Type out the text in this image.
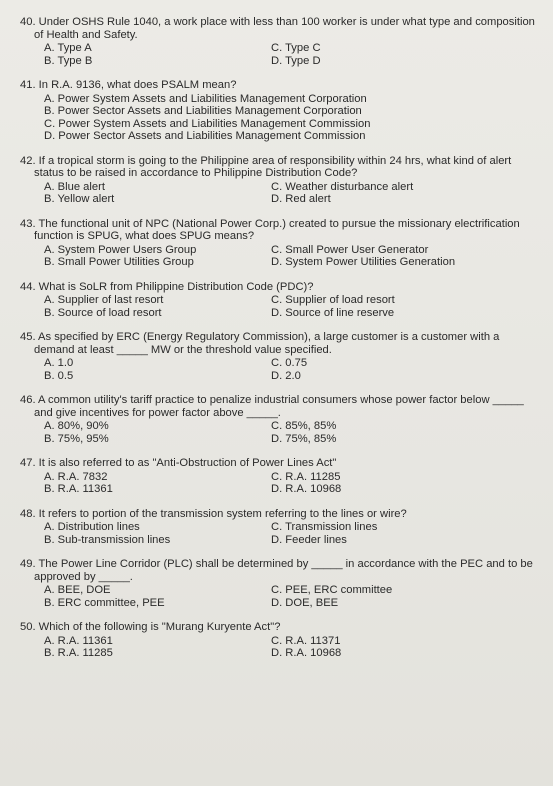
40. Under OSHS Rule 1040, a work place with less than 100 worker is under what type and composition of Health and Safety.
A. Type A	C. Type C
B. Type B	D. Type D
41. In R.A. 9136, what does PSALM mean?
A. Power System Assets and Liabilities Management Corporation
B. Power Sector Assets and Liabilities Management Corporation
C. Power System Assets and Liabilities Management Commission
D. Power Sector Assets and Liabilities Management Commission
42. If a tropical storm is going to the Philippine area of responsibility within 24 hrs, what kind of alert status to be raised in accordance to Philippine Distribution Code?
A. Blue alert	C. Weather disturbance alert
B. Yellow alert	D. Red alert
43. The functional unit of NPC (National Power Corp.) created to pursue the missionary electrification function is SPUG, what does SPUG means?
A. System Power Users Group	C. Small Power User Generator
B. Small Power Utilities Group	D. System Power Utilities Generation
44. What is SoLR from Philippine Distribution Code (PDC)?
A. Supplier of last resort	C. Supplier of load resort
B. Source of load resort	D. Source of line reserve
45. As specified by ERC (Energy Regulatory Commission), a large customer is a customer with a demand at least _____ MW or the threshold value specified.
A. 1.0	C. 0.75
B. 0.5	D. 2.0
46. A common utility's tariff practice to penalize industrial consumers whose power factor below _____ and give incentives for power factor above _____.
A. 80%, 90%	C. 85%, 85%
B. 75%, 95%	D. 75%, 85%
47. It is also referred to as "Anti-Obstruction of Power Lines Act"
A. R.A. 7832	C. R.A. 11285
B. R.A. 11361	D. R.A. 10968
48. It refers to portion of the transmission system referring to the lines or wire?
A. Distribution lines	C. Transmission lines
B. Sub-transmission lines	D. Feeder lines
49. The Power Line Corridor (PLC) shall be determined by _____ in accordance with the PEC and to be approved by _____.
A. BEE, DOE	C. PEE, ERC committee
B. ERC committee, PEE	D. DOE, BEE
50. Which of the following is "Murang Kuryente Act"?
A. R.A. 11361	C. R.A. 11371
B. R.A. 11285	D. R.A. 10968
